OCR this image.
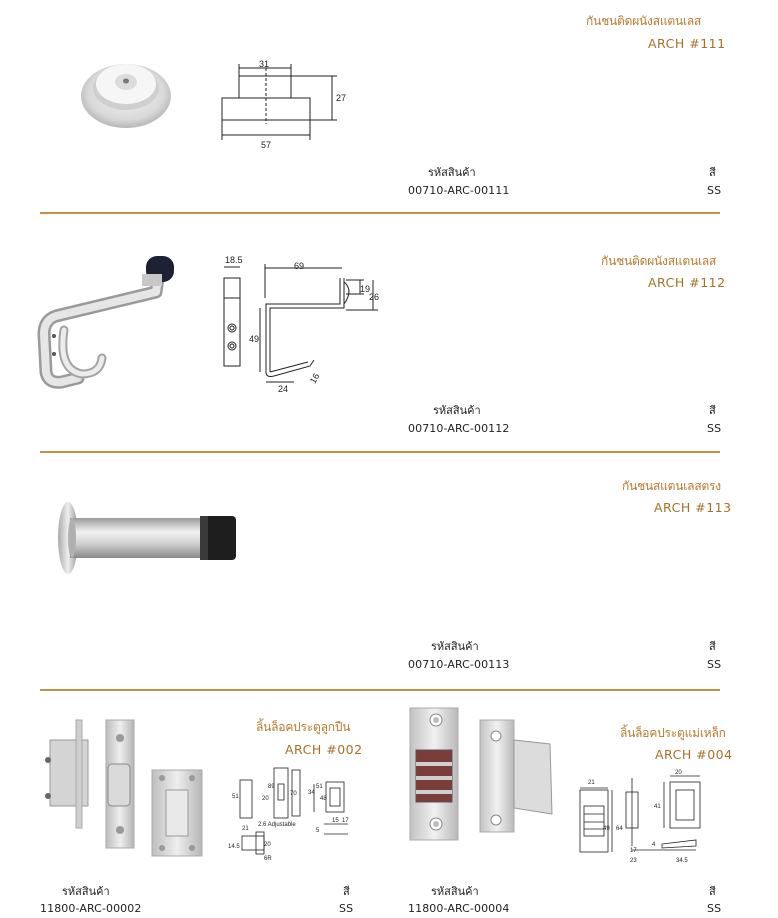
กันชนติดผนังสแตนเลส
ARCH #111
31
27
57
รหัสสินค้า	สี
00710-ARC-00111	SS
กันชนติดผนังสแตนเลส
ARCH #112
18.5
69
19
26
49
24
16
รหัสสินค้า	สี
00710-ARC-00112	SS
กันชนสแตนเลสตรง
ARCH #113
รหัสสินค้า	สี
00710-ARC-00113	SS
ลิ้นล็อคประตูลูกปืน
ARCH #002
51	20
89
70 34
51
48
21
2.6 Adjustable
14.5	20
6R
15 17
5
รหัสสินค้า	สี
11800-ARC-00002	SS
ลิ้นล็อคประตูแม่เหล็ก
ARCH #004
21
49 64
20
41
17
23
4
34.5
รหัสสินค้า	สี
11800-ARC-00004	SS
